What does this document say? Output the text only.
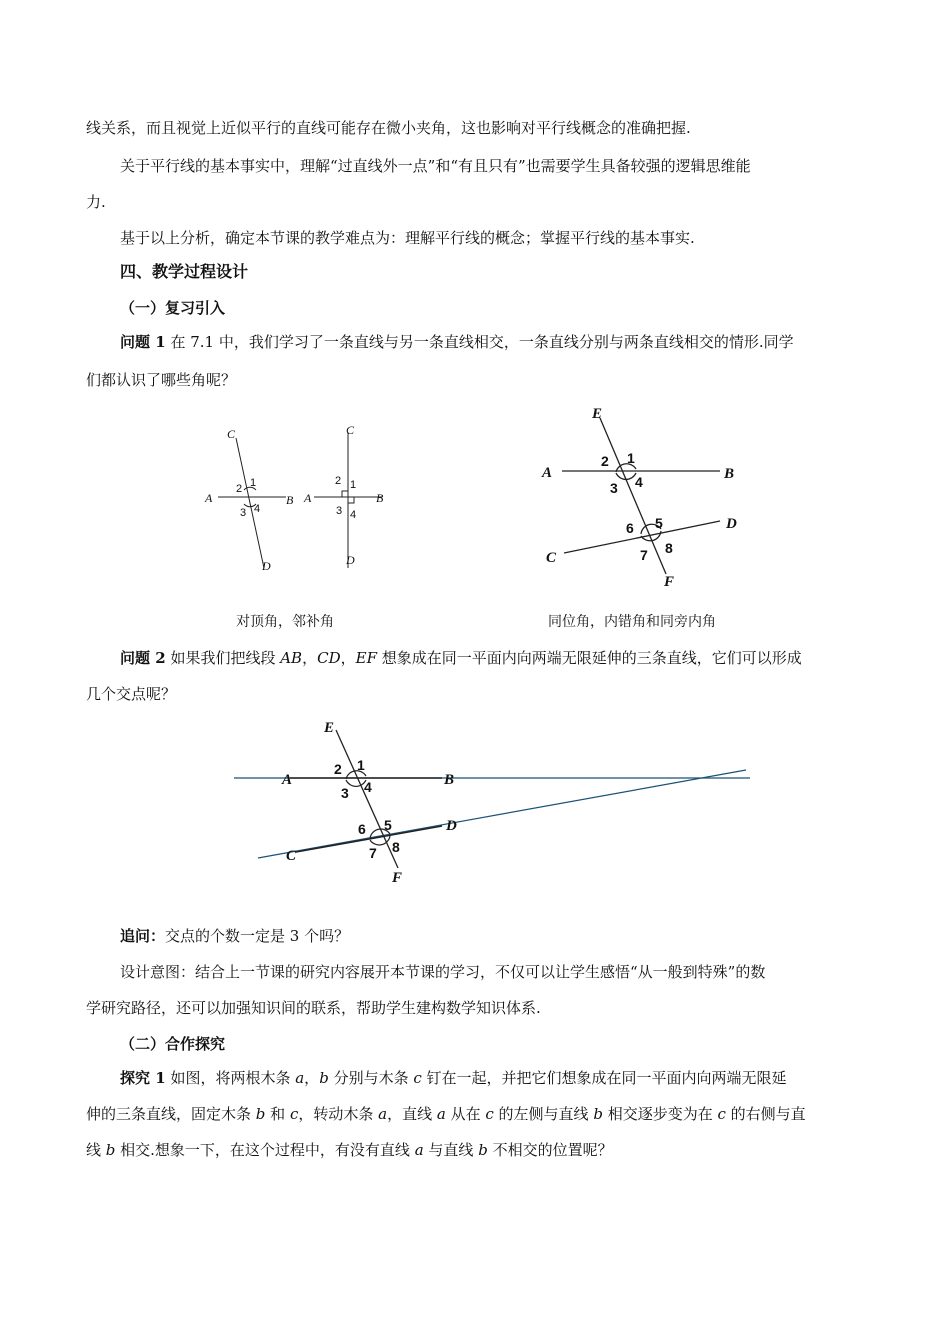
线关系，而且视觉上近似平行的直线可能存在微小夹角，这也影响对平行线概念的准确把握.
关于平行线的基本事实中，理解“过直线外一点”和“有且只有”也需要学生具备较强的逻辑思维能
力.
基于以上分析，确定本节课的教学难点为：理解平行线的概念；掌握平行线的基本事实.
四、教学过程设计
（一）复习引入
问题 1 在 7.1 中，我们学习了一条直线与另一条直线相交，一条直线分别与两条直线相交的情形.同学
们都认识了哪些角呢？
C
A	B
D
2 1
3 4
C
A	B
D
2 1
3 4
E
A	B
D
C
F
2 1
3 4
6 5
7 8
对顶角，邻补角	同位角，内错角和同旁内角
问题 2 如果我们把线段 AB，CD，EF 想象成在同一平面内向两端无限延伸的三条直线，它们可以形成
几个交点呢？
E
A	B
D
C
F
2 1
3 4
6 5
7 8
追问：交点的个数一定是 3 个吗？
设计意图：结合上一节课的研究内容展开本节课的学习，不仅可以让学生感悟“从一般到特殊”的数
学研究路径，还可以加强知识间的联系，帮助学生建构数学知识体系.
（二）合作探究
探究 1 如图，将两根木条 a，b 分别与木条 c 钉在一起，并把它们想象成在同一平面内向两端无限延
伸的三条直线，固定木条 b 和 c，转动木条 a，直线 a 从在 c 的左侧与直线 b 相交逐步变为在 c 的右侧与直
线 b 相交.想象一下，在这个过程中，有没有直线 a 与直线 b 不相交的位置呢？
